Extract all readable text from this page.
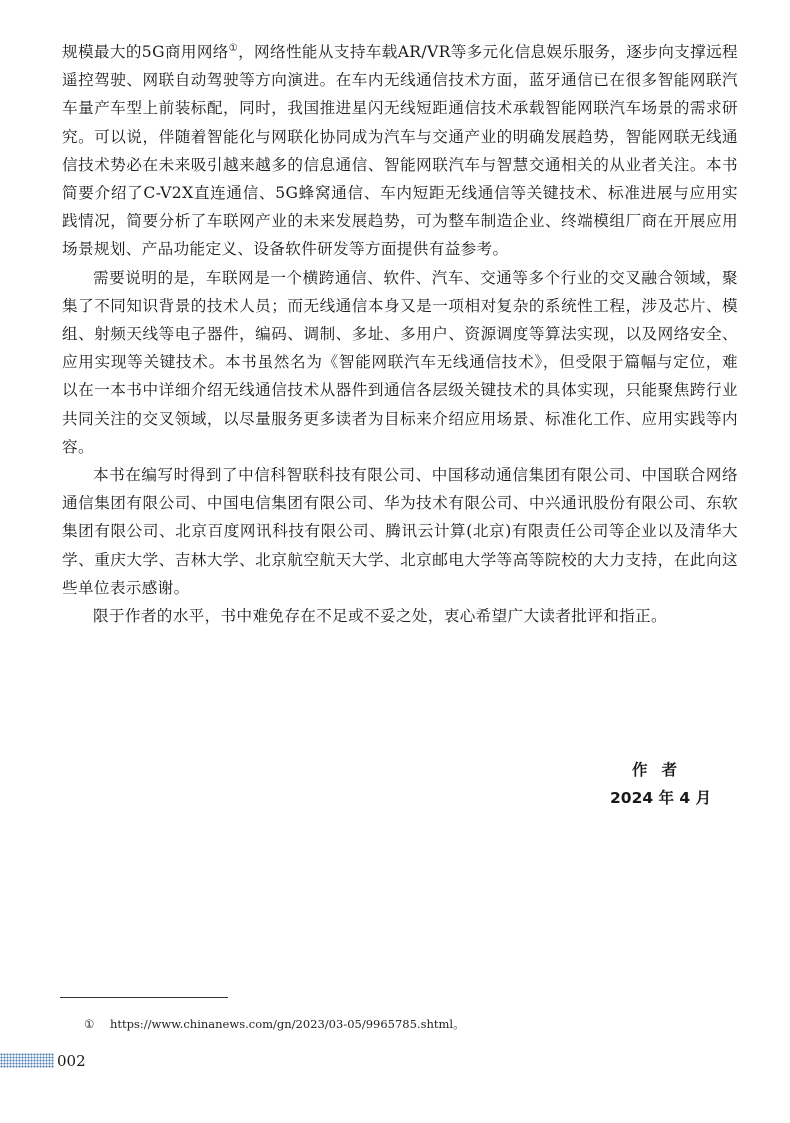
规模最大的5G商用网络①，网络性能从支持车载AR/VR等多元化信息娱乐服务，逐步向支撑远程遥控驾驶、网联自动驾驶等方向演进。在车内无线通信技术方面，蓝牙通信已在很多智能网联汽车量产车型上前装标配，同时，我国推进星闪无线短距通信技术承载智能网联汽车场景的需求研究。可以说，伴随着智能化与网联化协同成为汽车与交通产业的明确发展趋势，智能网联无线通信技术势必在未来吸引越来越多的信息通信、智能网联汽车与智慧交通相关的从业者关注。本书简要介绍了C-V2X直连通信、5G蜂窝通信、车内短距无线通信等关键技术、标准进展与应用实践情况，简要分析了车联网产业的未来发展趋势，可为整车制造企业、终端模组厂商在开展应用场景规划、产品功能定义、设备软件研发等方面提供有益参考。

需要说明的是，车联网是一个横跨通信、软件、汽车、交通等多个行业的交叉融合领域，聚集了不同知识背景的技术人员；而无线通信本身又是一项相对复杂的系统性工程，涉及芯片、模组、射频天线等电子器件，编码、调制、多址、多用户、资源调度等算法实现，以及网络安全、应用实现等关键技术。本书虽然名为《智能网联汽车无线通信技术》，但受限于篇幅与定位，难以在一本书中详细介绍无线通信技术从器件到通信各层级关键技术的具体实现，只能聚焦跨行业共同关注的交叉领域，以尽量服务更多读者为目标来介绍应用场景、标准化工作、应用实践等内容。

本书在编写时得到了中信科智联科技有限公司、中国移动通信集团有限公司、中国联合网络通信集团有限公司、中国电信集团有限公司、华为技术有限公司、中兴通讯股份有限公司、东软集团有限公司、北京百度网讯科技有限公司、腾讯云计算(北京)有限责任公司等企业以及清华大学、重庆大学、吉林大学、北京航空航天大学、北京邮电大学等高等院校的大力支持，在此向这些单位表示感谢。

限于作者的水平，书中难免存在不足或不妥之处，衷心希望广大读者批评和指正。

作者
2024 年 4 月
① https://www.chinanews.com/gn/2023/03-05/9965785.shtml。
002
